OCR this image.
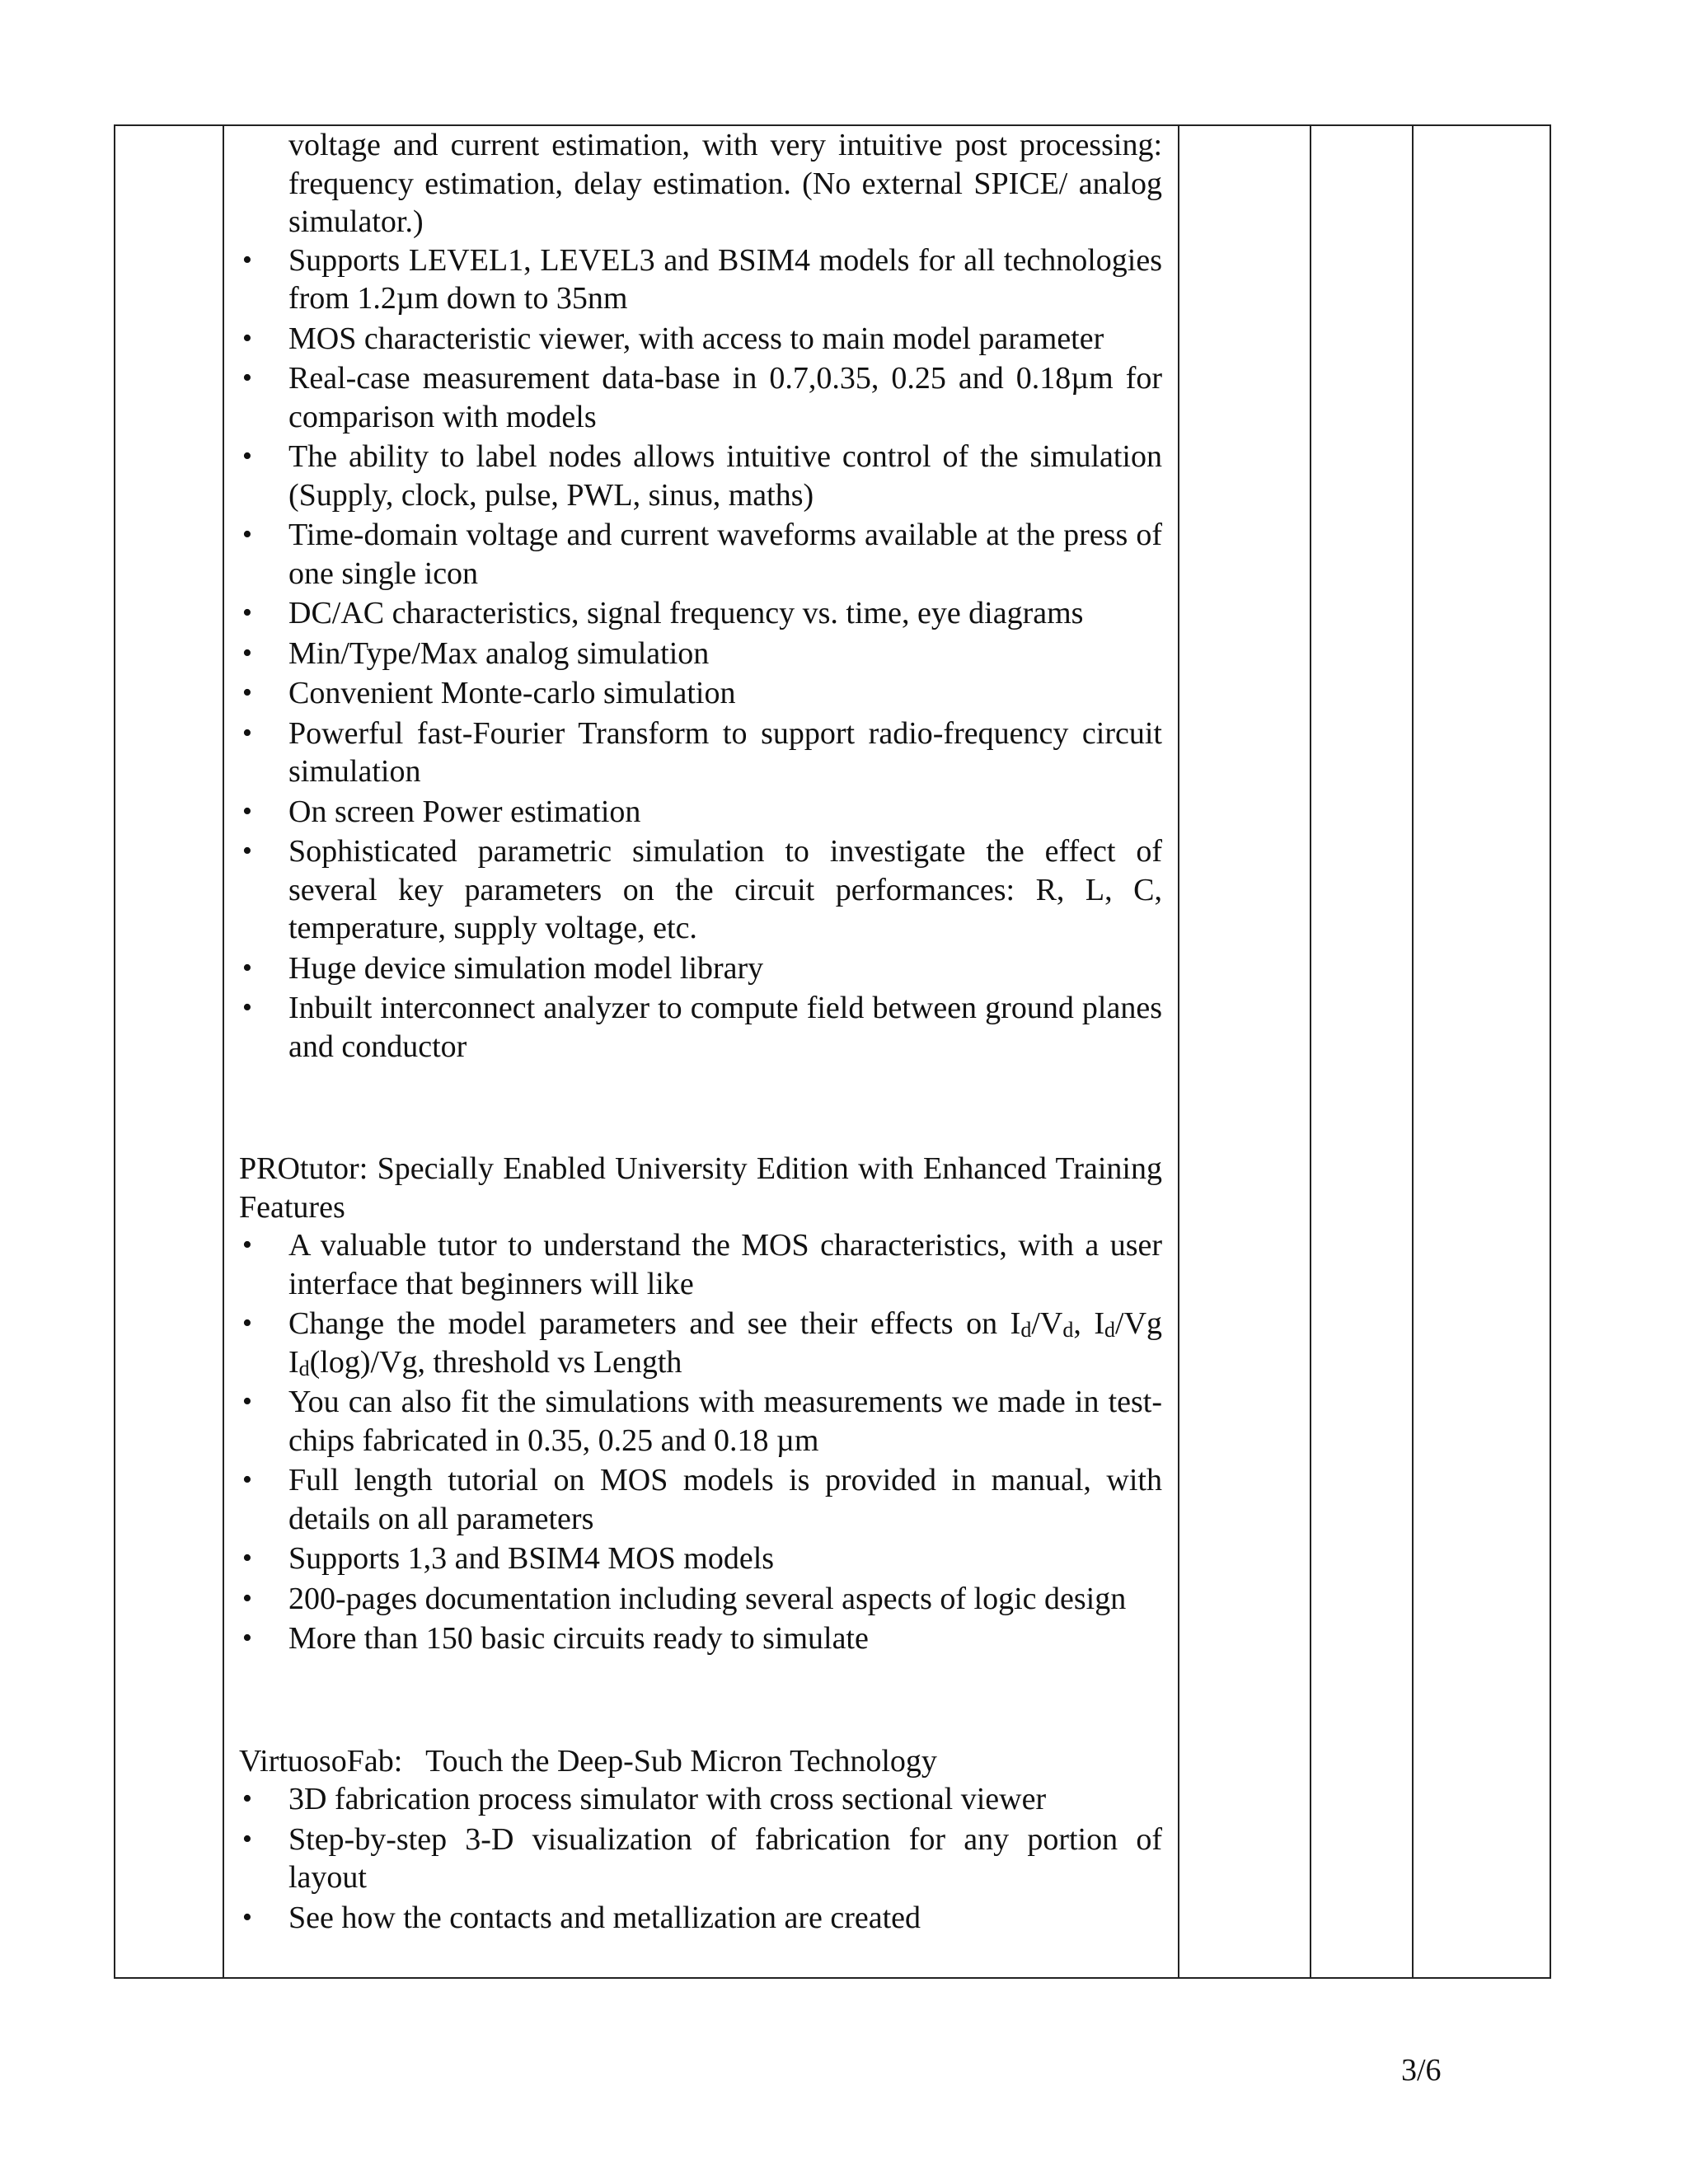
voltage and current estimation, with very intuitive post processing: frequency estimation, delay estimation. (No external SPICE/ analog simulator.)

• Supports LEVEL1, LEVEL3 and BSIM4 models for all technologies from 1.2µm down to 35nm
• MOS characteristic viewer, with access to main model parameter
• Real-case measurement data-base in 0.7,0.35, 0.25 and 0.18µm for comparison with models
• The ability to label nodes allows intuitive control of the simulation (Supply, clock, pulse, PWL, sinus, maths)
• Time-domain voltage and current waveforms available at the press of one single icon
• DC/AC characteristics, signal frequency vs. time, eye diagrams
• Min/Type/Max analog simulation
• Convenient Monte-carlo simulation
• Powerful fast-Fourier Transform to support radio-frequency circuit simulation
• On screen Power estimation
• Sophisticated parametric simulation to investigate the effect of several key parameters on the circuit performances: R, L, C, temperature, supply voltage, etc.
• Huge device simulation model library
• Inbuilt interconnect analyzer to compute field between ground planes and conductor

PROtutor: Specially Enabled University Edition with Enhanced Training Features

• A valuable tutor to understand the MOS characteristics, with a user interface that beginners will like
• Change the model parameters and see their effects on $I_d/V_d$, $I_d/Vg$ $I_d(\log)/Vg$, threshold vs Length
• You can also fit the simulations with measurements we made in test-chips fabricated in 0.35, 0.25 and 0.18 µm
• Full length tutorial on MOS models is provided in manual, with details on all parameters
• Supports 1,3 and BSIM4 MOS models
• 200-pages documentation including several aspects of logic design
• More than 150 basic circuits ready to simulate

VirtuosoFab:   Touch the Deep-Sub Micron Technology

• 3D fabrication process simulator with cross sectional viewer
• Step-by-step 3-D visualization of fabrication for any portion of layout
• See how the contacts and metallization are created
3/6
